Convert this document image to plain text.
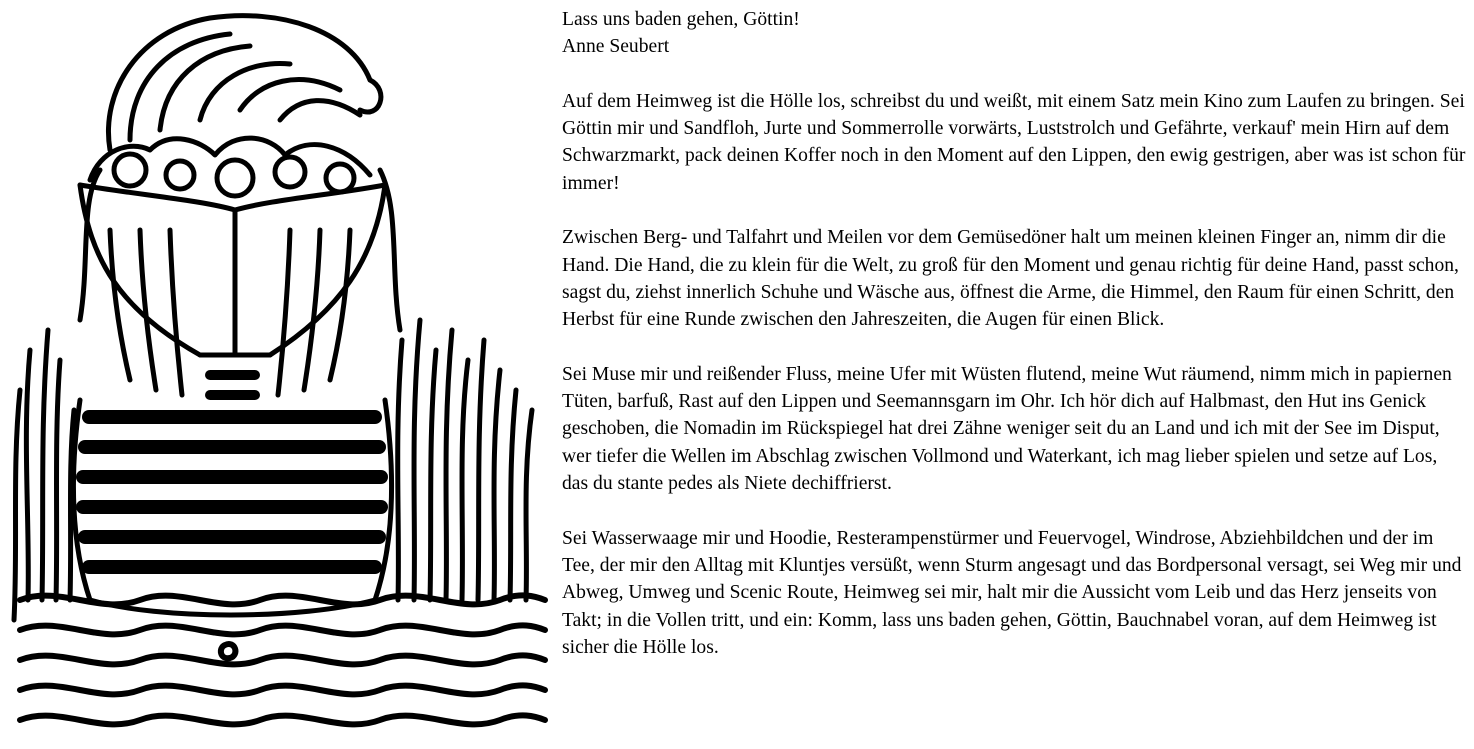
Lass uns baden gehen, Göttin!

Anne Seubert

Auf dem Heimweg ist die Hölle los, schreibst du und weißt, mit einem Satz mein Kino zum Laufen zu bringen. Sei Göttin mir und Sandfloh, Jurte und Sommerrolle vorwärts, Luststrolch und Gefährte, verkauf' mein Hirn auf dem Schwarzmarkt, pack deinen Koffer noch in den Moment auf den Lippen, den ewig gestrigen, aber was ist schon für immer!

Zwischen Berg- und Talfahrt und Meilen vor dem Gemüsedöner halt um meinen kleinen Finger an, nimm dir die Hand. Die Hand, die zu klein für die Welt, zu groß für den Moment und genau richtig für deine Hand, passt schon, sagst du, ziehst innerlich Schuhe und Wäsche aus, öffnest die Arme, die Himmel, den Raum für einen Schritt, den Herbst für eine Runde zwischen den Jahreszeiten, die Augen für einen Blick.

Sei Muse mir und reißender Fluss, meine Ufer mit Wüsten flutend, meine Wut räumend, nimm mich in papiernen Tüten, barfuß, Rast auf den Lippen und Seemannsgarn im Ohr. Ich hör dich auf Halbmast, den Hut ins Genick geschoben, die Nomadin im Rückspiegel hat drei Zähne weniger seit du an Land und ich mit der See im Disput, wer tiefer die Wellen im Abschlag zwischen Vollmond und Waterkant, ich mag lieber spielen und setze auf Los, das du stante pedes als Niete dechiffrierst.

Sei Wasserwaage mir und Hoodie, Resterampenstürmer und Feuervogel, Windrose, Abziehbildchen und der im Tee, der mir den Alltag mit Kluntjes versüßt, wenn Sturm angesagt und das Bordpersonal versagt, sei Weg mir und Abweg, Umweg und Scenic Route, Heimweg sei mir, halt mir die Aussicht vom Leib und das Herz jenseits von Takt; in die Vollen tritt, und ein: Komm, lass uns baden gehen, Göttin, Bauchnabel voran, auf dem Heimweg ist sicher die Hölle los.
